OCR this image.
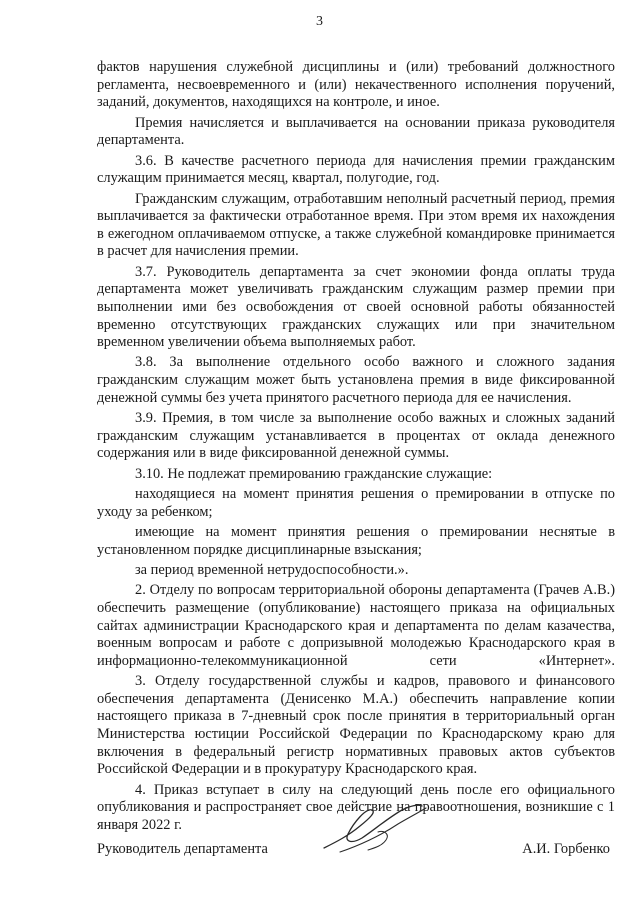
3

фактов нарушения служебной дисциплины и (или) требований должностного регламента, несвоевременного и (или) некачественного исполнения поручений, заданий, документов, находящихся на контроле, и иное.

Премия начисляется и выплачивается на основании приказа руководителя департамента.

3.6. В качестве расчетного периода для начисления премии гражданским служащим принимается месяц, квартал, полугодие, год.

Гражданским служащим, отработавшим неполный расчетный период, премия выплачивается за фактически отработанное время. При этом время их нахождения в ежегодном оплачиваемом отпуске, а также служебной командировке принимается в расчет для начисления премии.

3.7. Руководитель департамента за счет экономии фонда оплаты труда департамента может увеличивать гражданским служащим размер премии при выполнении ими без освобождения от своей основной работы обязанностей временно отсутствующих гражданских служащих или при значительном временном увеличении объема выполняемых работ.

3.8. За выполнение отдельного особо важного и сложного задания гражданским служащим может быть установлена премия в виде фиксированной денежной суммы без учета принятого расчетного периода для ее начисления.

3.9. Премия, в том числе за выполнение особо важных и сложных заданий гражданским служащим устанавливается в процентах от оклада денежного содержания или в виде фиксированной денежной суммы.

3.10. Не подлежат премированию гражданские служащие:

находящиеся на момент принятия решения о премировании в отпуске по уходу за ребенком;

имеющие на момент принятия решения о премировании неснятые в установленном порядке дисциплинарные взыскания;

за период временной нетрудоспособности.».

2. Отделу по вопросам территориальной обороны департамента (Грачев А.В.) обеспечить размещение (опубликование) настоящего приказа на официальных сайтах администрации Краснодарского края и департамента по делам казачества, военным вопросам и работе с допризывной молодежью Краснодарского края в информационно-телекоммуникационной сети «Интернет».

3. Отделу государственной службы и кадров, правового и финансового обеспечения департамента (Денисенко М.А.) обеспечить направление копии настоящего приказа в 7-дневный срок после принятия в территориальный орган Министерства юстиции Российской Федерации по Краснодарскому краю для включения в федеральный регистр нормативных правовых актов субъектов Российской Федерации и в прокуратуру Краснодарского края.

4. Приказ вступает в силу на следующий день после его официального опубликования и распространяет свое действие на правоотношения, возникшие с 1 января 2022 г.

Руководитель департамента	А.И. Горбенко
